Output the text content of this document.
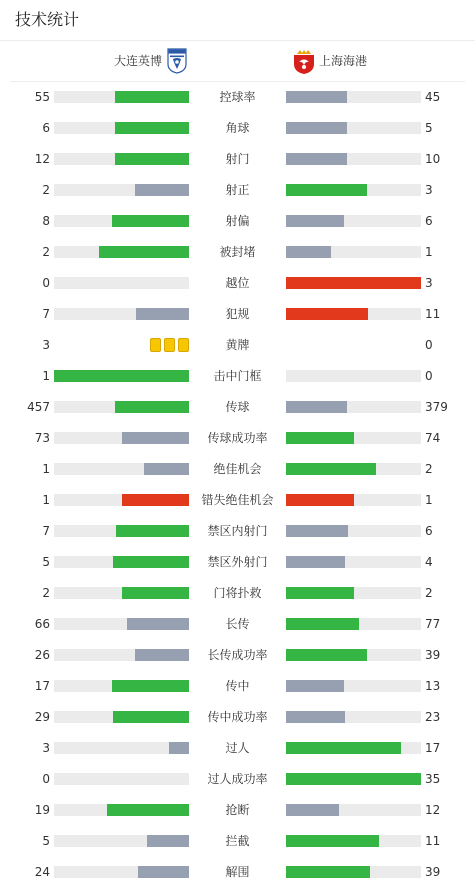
技术统计
大连英博	上海海港
55	控球率	45
6	角球	5
12	射门	10
2	射正	3
8	射偏	6
2	被封堵	1
0	越位	3
7	犯规	11
3	黄牌	0
1	击中门框	0
457	传球	379
73	传球成功率	74
1	绝佳机会	2
1	错失绝佳机会	1
7	禁区内射门	6
5	禁区外射门	4
2	门将扑救	2
66	长传	77
26	长传成功率	39
17	传中	13
29	传中成功率	23
3	过人	17
0	过人成功率	35
19	抢断	12
5	拦截	11
24	解围	39
